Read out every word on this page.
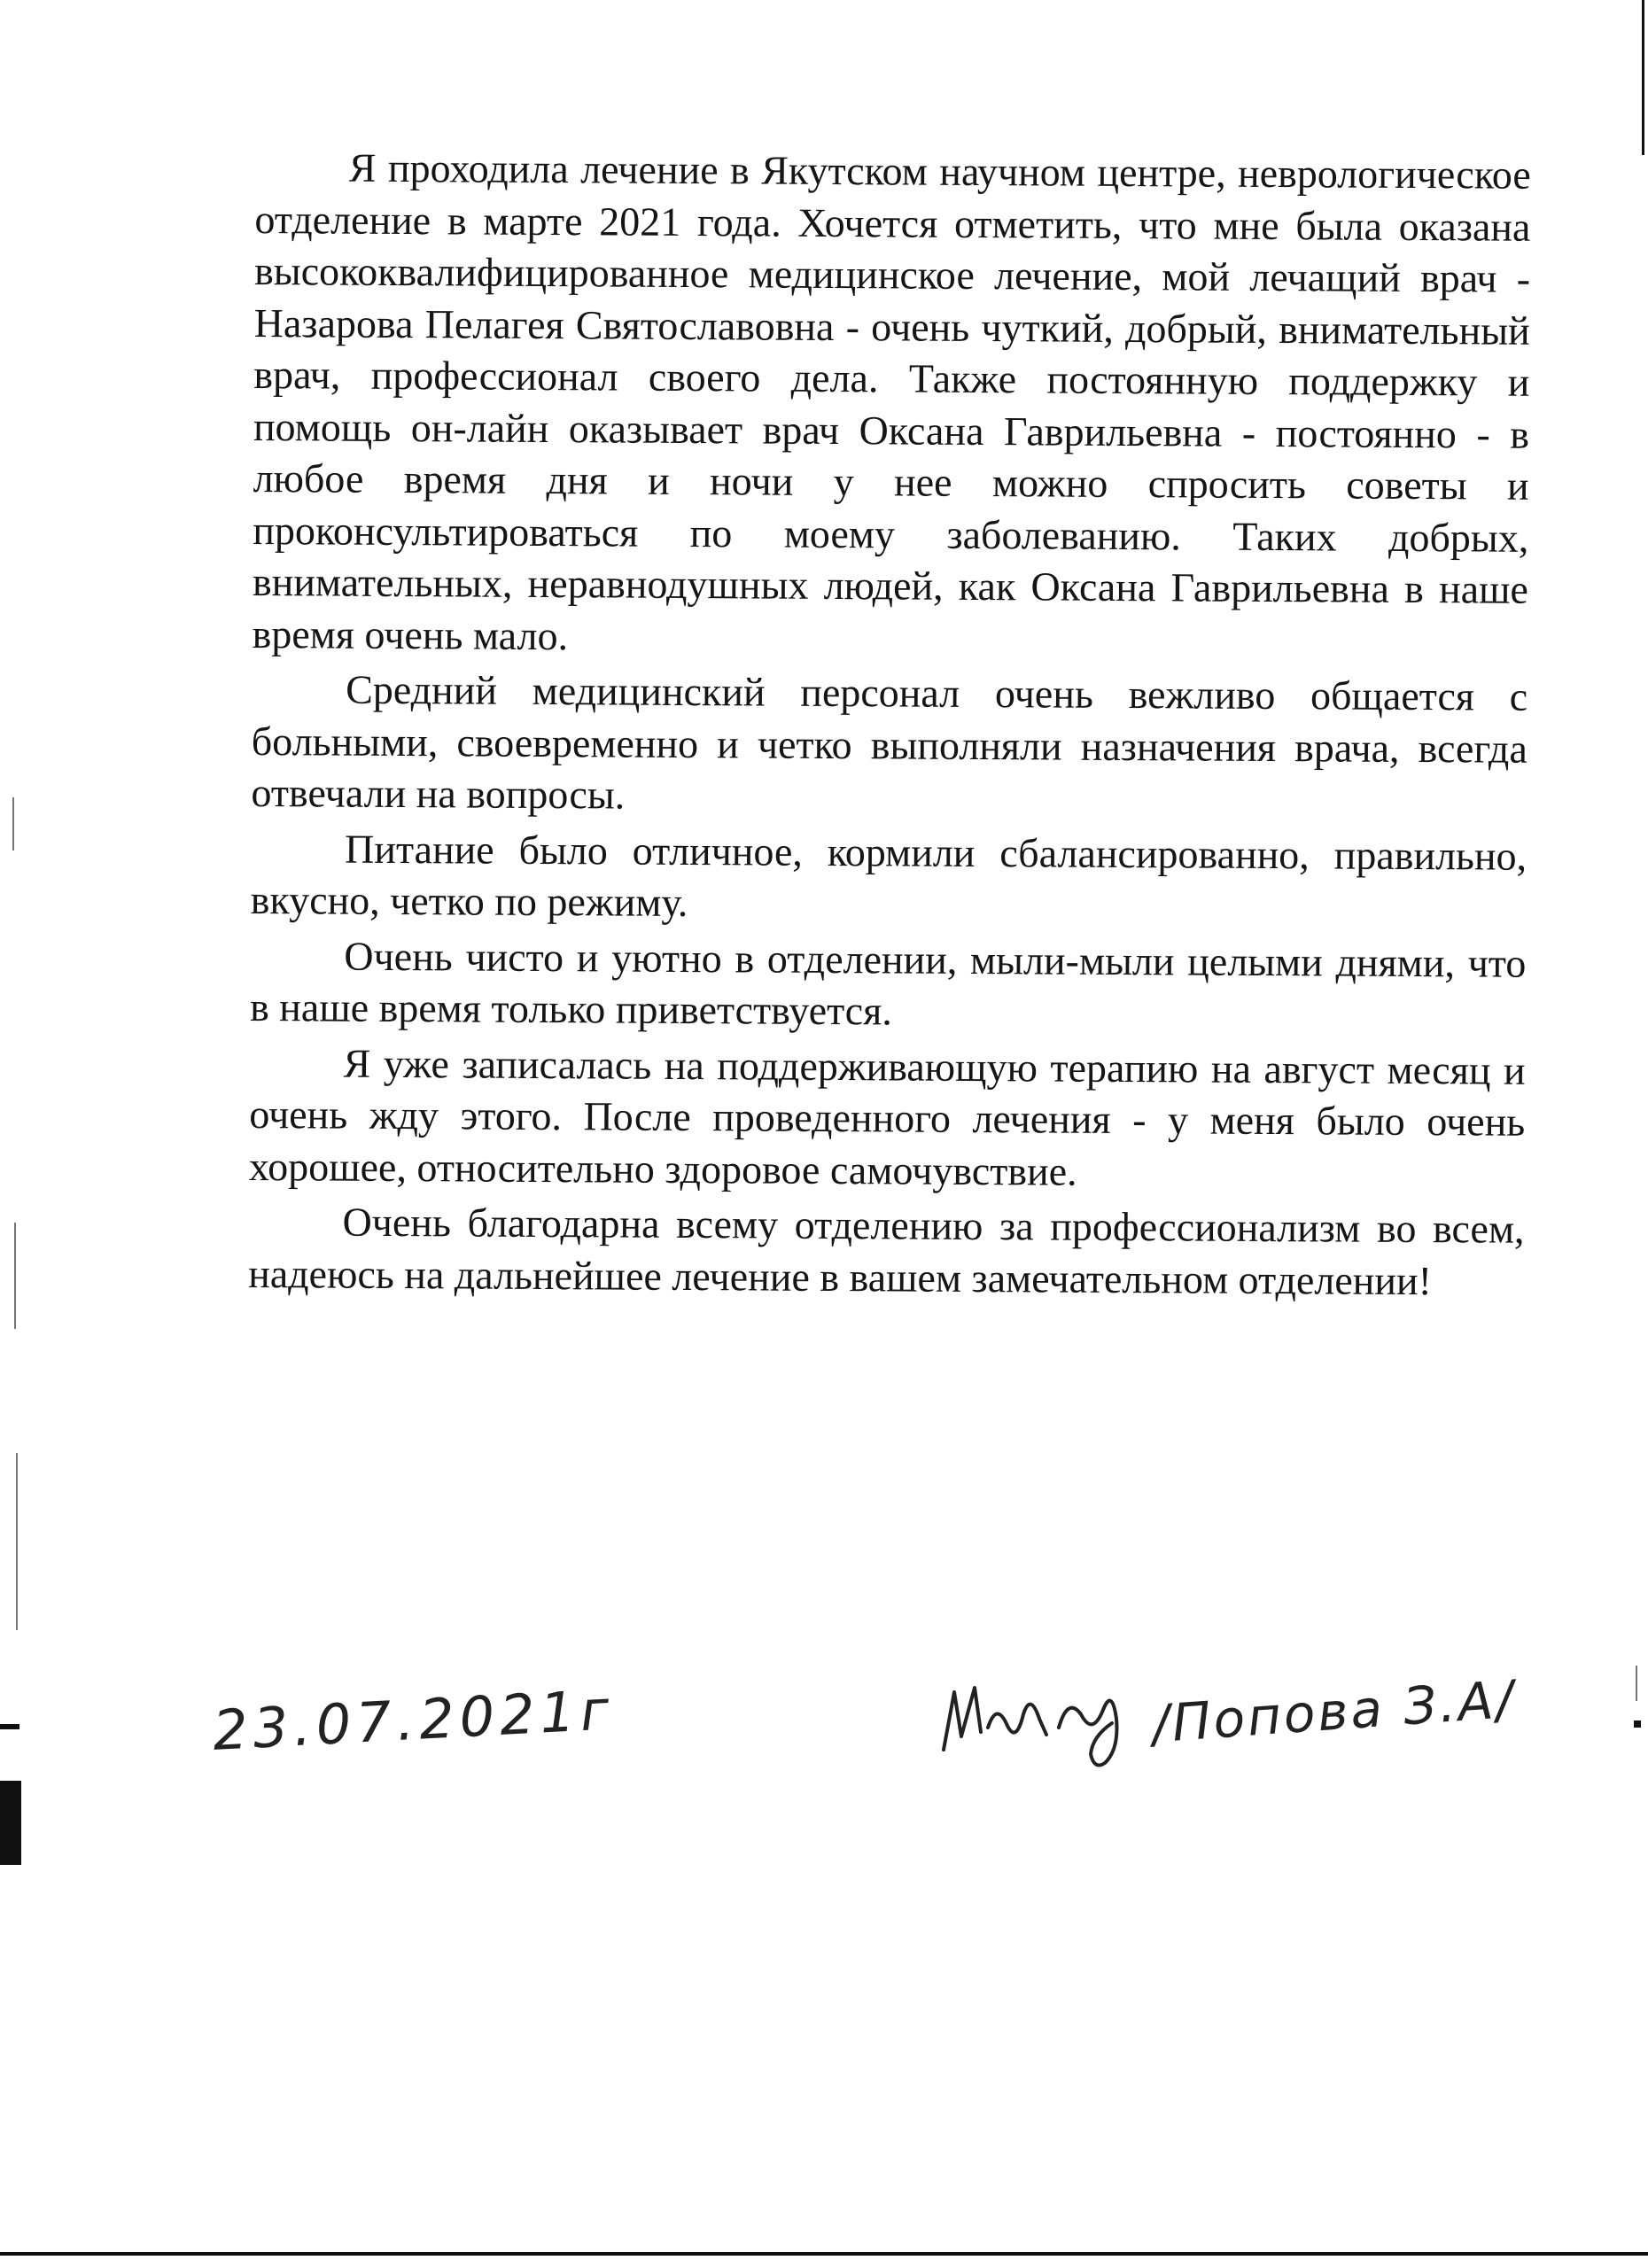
Я проходила лечение в Якутском научном центре, неврологическое отделение в марте 2021 года. Хочется отметить, что мне была оказана высококвалифицированное медицинское лечение, мой лечащий врач - Назарова Пелагея Святославовна - очень чуткий, добрый, внимательный врач, профессионал своего дела. Также постоянную поддержку и помощь он-лайн оказывает врач Оксана Гаврильевна - постоянно - в любое время дня и ночи у нее можно спросить советы и проконсультироваться по моему заболеванию. Таких добрых, внимательных, неравнодушных людей, как Оксана Гаврильевна в наше время очень мало.

Средний медицинский персонал очень вежливо общается с больными, своевременно и четко выполняли назначения врача, всегда отвечали на вопросы.

Питание было отличное, кормили сбалансированно, правильно, вкусно, четко по режиму.

Очень чисто и уютно в отделении, мыли-мыли целыми днями, что в наше время только приветствуется.

Я уже записалась на поддерживающую терапию на август месяц и очень жду этого. После проведенного лечения - у меня было очень хорошее, относительно здоровое самочувствие.

Очень благодарна всему отделению за профессионализм во всем, надеюсь на дальнейшее лечение в вашем замечательном отделении!

23.07.2021г	/Попова З.А/
